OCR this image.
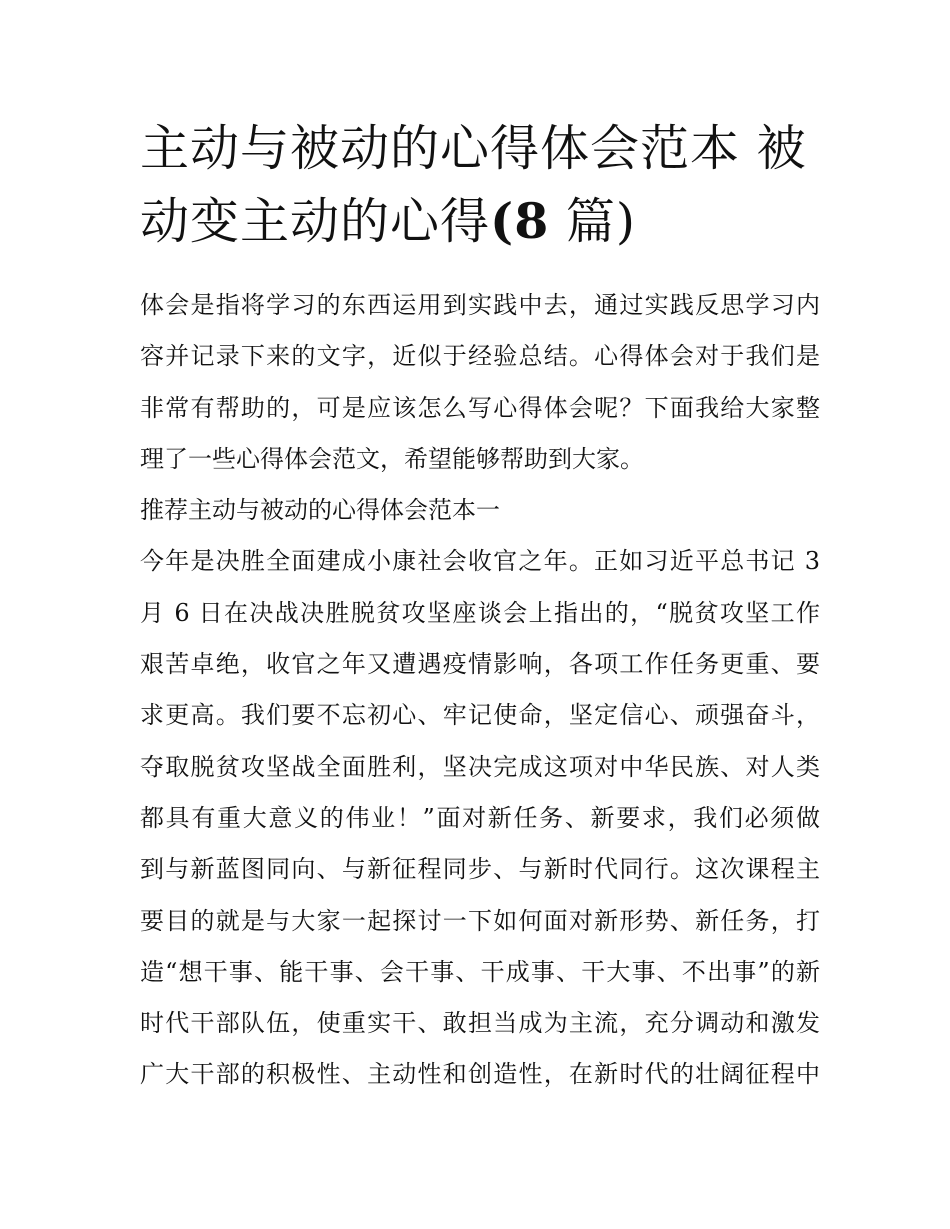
主动与被动的心得体会范本 被
动变主动的心得(8 篇)
体会是指将学习的东西运用到实践中去，通过实践反思学习内
容并记录下来的文字，近似于经验总结。心得体会对于我们是
非常有帮助的，可是应该怎么写心得体会呢？下面我给大家整
理了一些心得体会范文，希望能够帮助到大家。
推荐主动与被动的心得体会范本一
今年是决胜全面建成小康社会收官之年。正如习近平总书记 3
月 6 日在决战决胜脱贫攻坚座谈会上指出的，“脱贫攻坚工作
艰苦卓绝，收官之年又遭遇疫情影响，各项工作任务更重、要
求更高。我们要不忘初心、牢记使命，坚定信心、顽强奋斗，
夺取脱贫攻坚战全面胜利，坚决完成这项对中华民族、对人类
都具有重大意义的伟业！”面对新任务、新要求，我们必须做
到与新蓝图同向、与新征程同步、与新时代同行。这次课程主
要目的就是与大家一起探讨一下如何面对新形势、新任务，打
造“想干事、能干事、会干事、干成事、干大事、不出事”的新
时代干部队伍，使重实干、敢担当成为主流，充分调动和激发
广大干部的积极性、主动性和创造性，在新时代的壮阔征程中
